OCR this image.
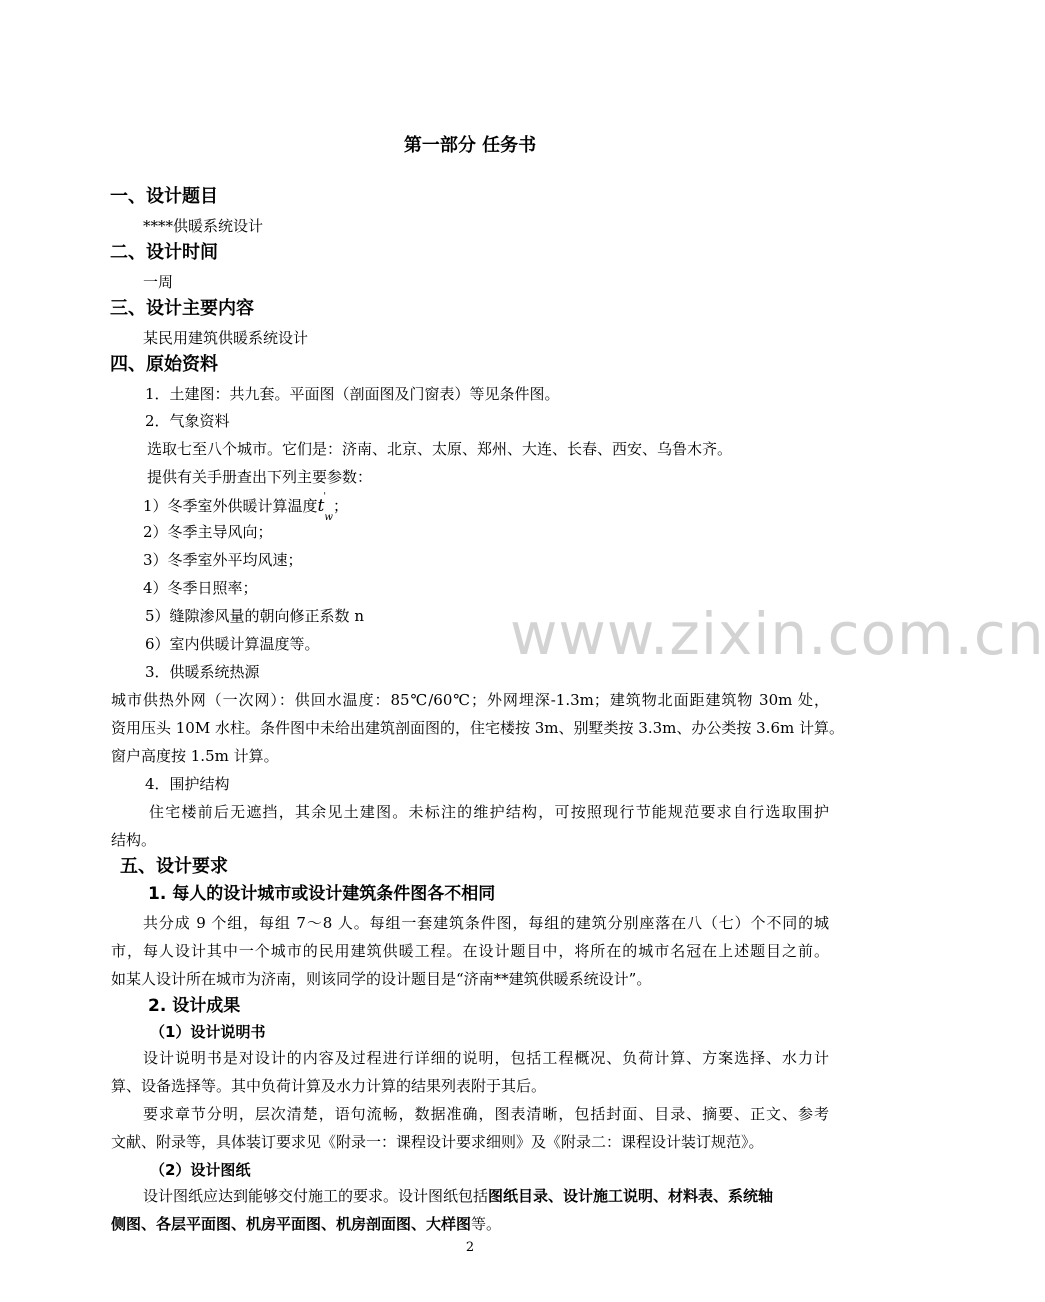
第一部分 任务书
一、设计题目
****供暖系统设计
二、设计时间
一周
三、设计主要内容
某民用建筑供暖系统设计
四、原始资料
1．土建图：共九套。平面图（剖面图及门窗表）等见条件图。
2．气象资料
选取七至八个城市。它们是：济南、北京、太原、郑州、大连、长春、西安、乌鲁木齐。
提供有关手册查出下列主要参数：
1）冬季室外供暖计算温度t '
$_w$；
2）冬季主导风向；
3）冬季室外平均风速；
4）冬季日照率；
5）缝隙渗风量的朝向修正系数 n
6）室内供暖计算温度等。
3．供暖系统热源
城市供热外网（一次网）：供回水温度：85℃/60℃；外网埋深-1.3m；建筑物北面距建筑物 30m 处，
资用压头 10M 水柱。条件图中未给出建筑剖面图的，住宅楼按 3m、别墅类按 3.3m、办公类按 3.6m 计算。
窗户高度按 1.5m 计算。
4．围护结构
住宅楼前后无遮挡，其余见土建图。未标注的维护结构，可按照现行节能规范要求自行选取围护
结构。
五、设计要求
1. 每人的设计城市或设计建筑条件图各不相同
共分成 9 个组，每组 7～8 人。每组一套建筑条件图，每组的建筑分别座落在八（七）个不同的城
市，每人设计其中一个城市的民用建筑供暖工程。在设计题目中，将所在的城市名冠在上述题目之前。
如某人设计所在城市为济南，则该同学的设计题目是“济南**建筑供暖系统设计”。
2. 设计成果
（1）设计说明书
设计说明书是对设计的内容及过程进行详细的说明，包括工程概况、负荷计算、方案选择、水力计
算、设备选择等。其中负荷计算及水力计算的结果列表附于其后。
要求章节分明，层次清楚，语句流畅，数据准确，图表清晰，包括封面、目录、摘要、正文、参考
文献、附录等，具体装订要求见《附录一：课程设计要求细则》及《附录二：课程设计装订规范》。
（2）设计图纸
设计图纸应达到能够交付施工的要求。设计图纸包括图纸目录、设计施工说明、材料表、系统轴
侧图、各层平面图、机房平面图、机房剖面图、大样图等。
www.zixin.com.cn
2
